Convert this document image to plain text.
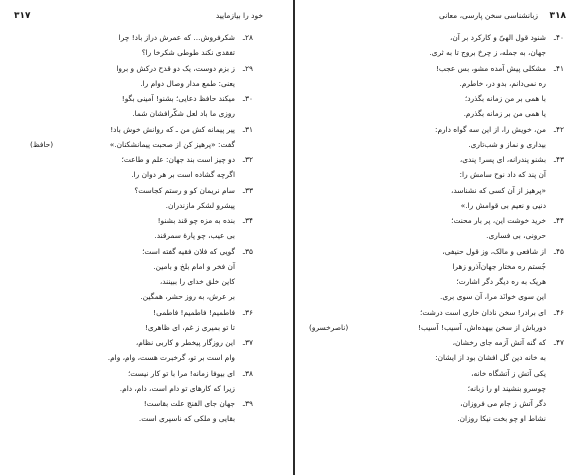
۳۱۷	خود را بیازمایید
۲۸ـشکرفروش... که عمرش دراز باد! چرا
تفقدی نکند طوطی شکرخا را؟
۲۹ـز بزم دوست، یک دو قدح درکش و بروا
یعنی: طمع مدار وصال دوام را.
۳۰ـمیکند حافظ دعایی؛ بشنو! آمینی بگو!
روزی ما باد لعل شکّرافشان شما.
۳۱ـپیر پیمانه کش من ـ که روانش خوش باد!
گفت: «پرهیز کن از صحبت پیمانشکنان.»
(حافظ)
۳۲ـدو چیز است بند جهان: علم و طاعت؛
اگرچه گشاده است بر هر دوان را.
۳۳ـسام نریمان کو و رستم کجاست؟
پیشرو لشکر مازندران.
۳۴ـبنده به مزه چو قند بشنو!
بی عیب، چو پارهٔ سمرقند.
۳۵ـگویی که فلان فقیه گفته است؛
آن فخر و امام بلخ و بامین.
کاین خلق خدای را ببینند،
بر عرش، به روز حشر، همگین.
۳۶ـفاطمیم! فاطمیم! فاطمی!
تا تو بمیری ز غم، ای ظاهری!
۳۷ـاین روزگار پیخطر و کاربی نظام،
وام است بر تو، گرخبرت هست، وام، وام.
۳۸ـای بیوفا زمانه! مرا با تو کار نیست؛
زیرا که کارهای تو دام است، دام، دام.
۳۹ـجهان جای الفنج علت بقاست!
بقایی و ملکی که ناسپری است.
۳۱۸
زبانشناسی سخن پارسی، معانی
۴۰ـشنود قول الهیّ و کارکرد بر آن،
جهان، به جمله، ز چرخ بروج تا به ثری.
۴۱ـمشکلی پیش آمده مشو، بس عجب!
ره نمی‌دانم، بدو در، خاطرم.
با همی بر من زمانه بگذرد؛
یا همی من بر زمانه بگذرم.
۴۲ـمن، خویش را، از این سه گواه دارم:
بیداری و نماز و شب‌تاری.
۴۳ـبشنو پندرانه، ای پسر! پندی،
آن پند که داد نوح سامش را:
«پرهیز از آن کسی که نشناسد،
دنیی و نعیم بی قوامش را.»
۴۴ـخرید خوشت این، پر بار محنت؛
حرونی، بی فساری.
۴۵ـاز شافعی و مالک، وز قول حنیفی،
جُستم ره مختار جهان‌آذرو زهرا
هریک به ره دیگر دگر اشارت؛
این سوی خوانَد مرا، آن سوی بری.
۴۶ـای برادر! سخن نادان خاری است درشت؛
دورباش از سخن بیهده‌اش، آسیب! آسیب!
(ناصرخسرو)
۴۷ـکه گنه آتش آزمه جای رخشان،
به خانه دین گل افشان بود از ایشان:
یکی آتش ز آتشگاه خانه،
چوسرو بنشیند او را زبانه؛
دگر آتش ز جام می فروزان،
نشاط او چو بخت نیکا روزان.
